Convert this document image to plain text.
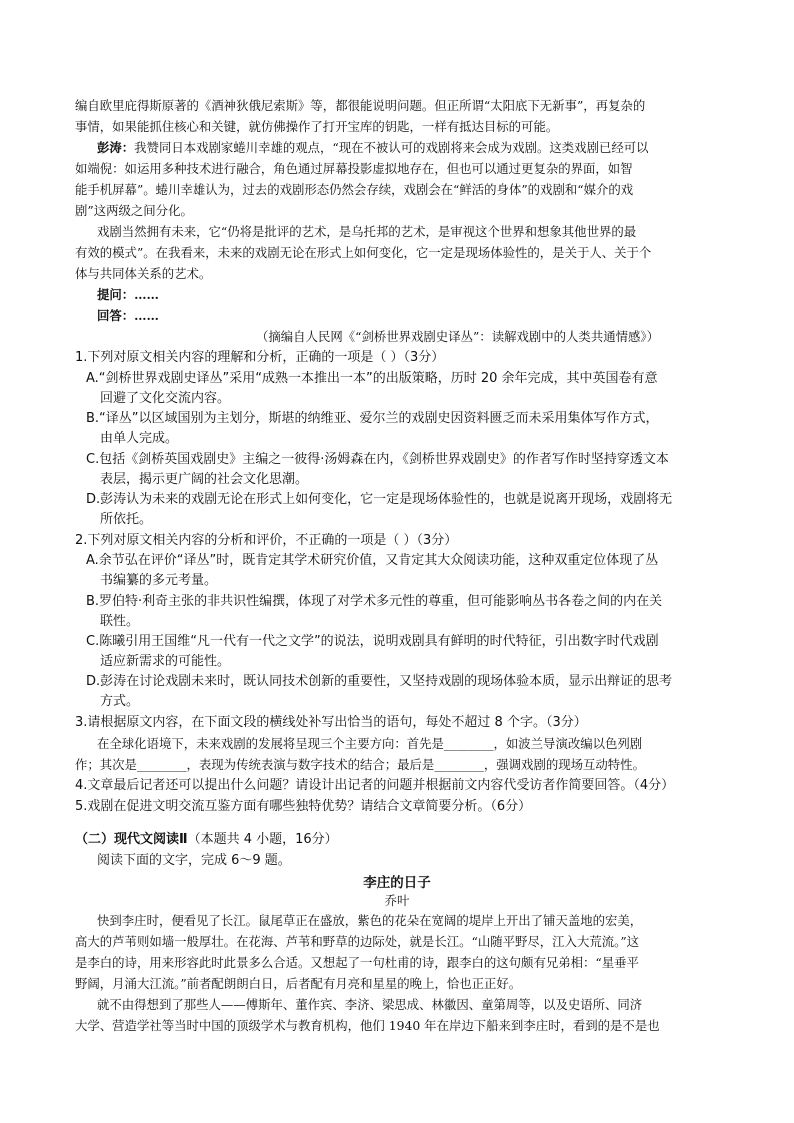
编自欧里庇得斯原著的《酒神狄俄尼索斯》等，都很能说明问题。但正所谓“太阳底下无新事”，再复杂的
事情，如果能抓住核心和关键，就仿佛操作了打开宝库的钥匙，一样有抵达目标的可能。
彭涛：我赞同日本戏剧家蜷川幸雄的观点，“现在不被认可的戏剧将来会成为戏剧。这类戏剧已经可以
如端倪：如运用多种技术进行融合，角色通过屏幕投影虚拟地存在，但也可以通过更复杂的界面，如智
能手机屏幕”。蜷川幸雄认为，过去的戏剧形态仍然会存续，戏剧会在“鲜活的身体”的戏剧和“媒介的戏
剧”这两级之间分化。
戏剧当然拥有未来，它“仍将是批评的艺术，是乌托邦的艺术，是审视这个世界和想象其他世界的最
有效的模式”。在我看来，未来的戏剧无论在形式上如何变化，它一定是现场体验性的，是关于人、关于个
体与共同体关系的艺术。
提问：……
回答：……
（摘编自人民网《“剑桥世界戏剧史译丛”：读解戏剧中的人类共通情感》）
1.下列对原文相关内容的理解和分析，正确的一项是（ ）（3分）
A.“剑桥世界戏剧史译丛”采用“成熟一本推出一本”的出版策略，历时 20 余年完成，其中英国卷有意
回避了文化交流内容。
B.“译丛”以区域国别为主划分，斯堪的纳维亚、爱尔兰的戏剧史因资料匮乏而未采用集体写作方式，
由单人完成。
C.包括《剑桥英国戏剧史》主编之一彼得·汤姆森在内，《剑桥世界戏剧史》的作者写作时坚持穿透文本
表层，揭示更广阔的社会文化思潮。
D.彭涛认为未来的戏剧无论在形式上如何变化，它一定是现场体验性的，也就是说离开现场，戏剧将无
所依托。
2.下列对原文相关内容的分析和评价，不正确的一项是（ ）（3分）
A.余节弘在评价“译丛”时，既肯定其学术研究价值，又肯定其大众阅读功能，这种双重定位体现了丛
书编纂的多元考量。
B.罗伯特·利奇主张的非共识性编撰，体现了对学术多元性的尊重，但可能影响丛书各卷之间的内在关
联性。
C.陈曦引用王国维“凡一代有一代之文学”的说法，说明戏剧具有鲜明的时代特征，引出数字时代戏剧
适应新需求的可能性。
D.彭涛在讨论戏剧未来时，既认同技术创新的重要性，又坚持戏剧的现场体验本质，显示出辩证的思考
方式。
3.请根据原文内容，在下面文段的横线处补写出恰当的语句，每处不超过 8 个字。（3分）
在全球化语境下，未来戏剧的发展将呈现三个主要方向：首先是________，如波兰导演改编以色列剧
作；其次是________，表现为传统表演与数字技术的结合；最后是________，强调戏剧的现场互动特性。
4.文章最后记者还可以提出什么问题？请设计出记者的问题并根据前文内容代受访者作简要回答。（4分）
5.戏剧在促进文明交流互鉴方面有哪些独特优势？请结合文章简要分析。（6分）
（二）现代文阅读Ⅱ（本题共 4 小题，16分）
阅读下面的文字，完成 6～9 题。
李庄的日子
乔叶
快到李庄时，便看见了长江。鼠尾草正在盛放，紫色的花朵在宽阔的堤岸上开出了铺天盖地的宏美，
高大的芦苇则如墙一般厚壮。在花海、芦苇和野草的边际处，就是长江。“山随平野尽，江入大荒流。”这
是李白的诗，用来形容此时此景多么合适。又想起了一句杜甫的诗，跟李白的这句颇有兄弟相：“星垂平
野阔，月涌大江流。”前者配朗朗白日，后者配有月亮和星星的晚上，恰也正正好。
就不由得想到了那些人——傅斯年、董作宾、李济、梁思成、林徽因、童第周等，以及史语所、同济
大学、营造学社等当时中国的顶级学术与教育机构，他们 1940 年在岸边下船来到李庄时，看到的是不是也
